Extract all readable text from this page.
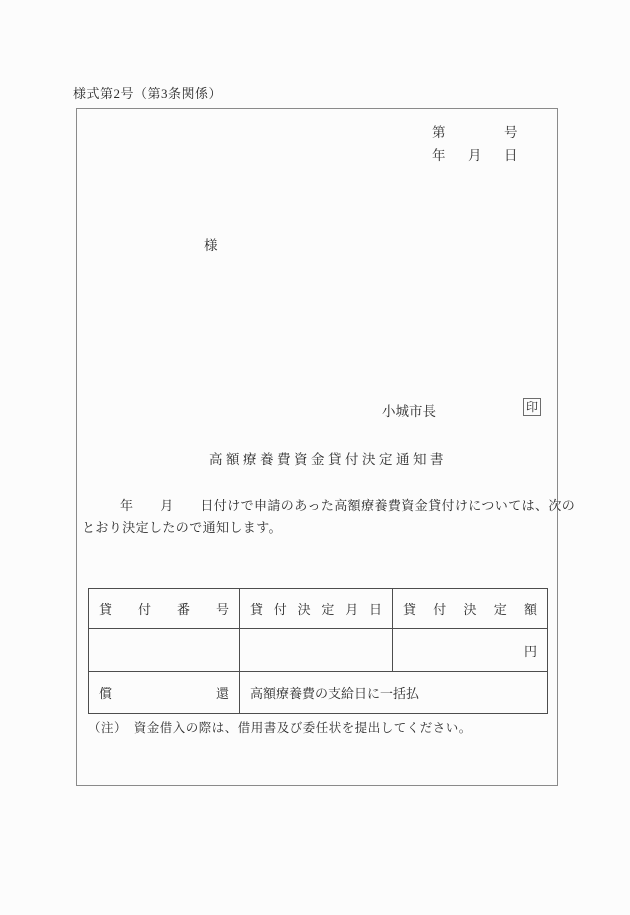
様式第2号（第3条関係）
第	号
年 月 日
様
小城市長	印
高額療養費資金貸付決定通知書
年　　月　　日付けで申請のあった高額療養費資金貸付けについては、次の
とおり決定したので通知します。
貸付番号	貸付決定月日	貸付決定額
		円
償還	高額療養費の支給日に一括払	
（注）　資金借入の際は、借用書及び委任状を提出してください。
